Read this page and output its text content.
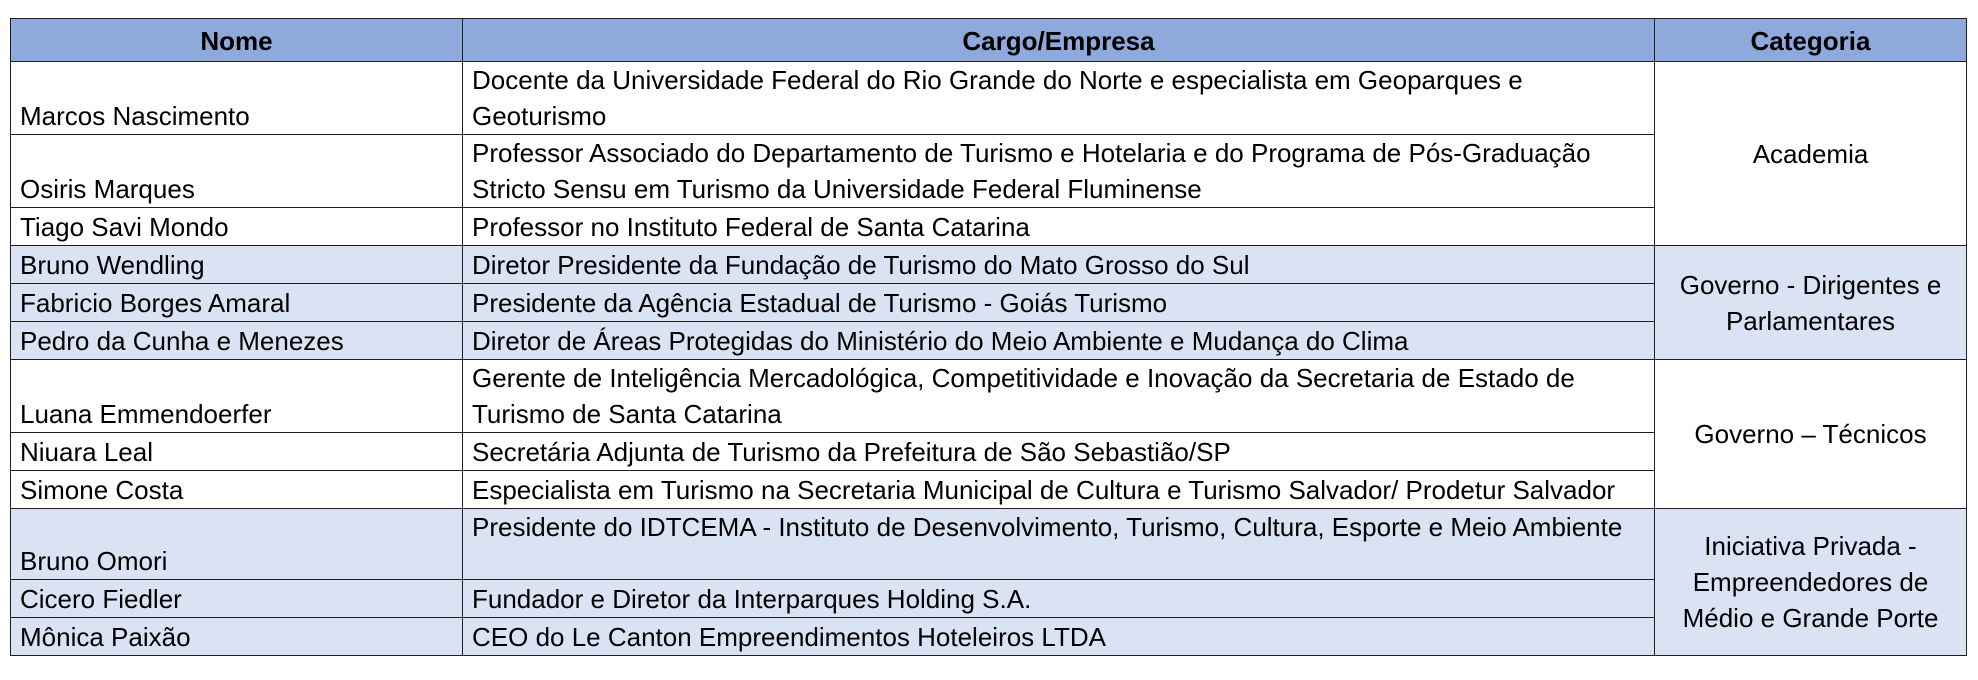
Nome	Cargo/Empresa	Categoria
Marcos Nascimento	Docente da Universidade Federal do Rio Grande do Norte e especialista em Geoparques e Geoturismo	Academia
Osiris Marques	Professor Associado do Departamento de Turismo e Hotelaria e do Programa de Pós-Graduação Stricto Sensu em Turismo da Universidade Federal Fluminense	
Tiago Savi Mondo	Professor no Instituto Federal de Santa Catarina	
Bruno Wendling	Diretor Presidente da Fundação de Turismo do Mato Grosso do Sul	Governo - Dirigentes e Parlamentares
Fabricio Borges Amaral	Presidente da Agência Estadual de Turismo - Goiás Turismo	
Pedro da Cunha e Menezes	Diretor de Áreas Protegidas do Ministério do Meio Ambiente e Mudança do Clima	
Luana Emmendoerfer	Gerente de Inteligência Mercadológica, Competitividade e Inovação da Secretaria de Estado de Turismo de Santa Catarina	Governo – Técnicos
Niuara Leal	Secretária Adjunta de Turismo da Prefeitura de São Sebastião/SP	
Simone Costa	Especialista em Turismo na Secretaria Municipal de Cultura e Turismo Salvador/ Prodetur Salvador	
Bruno Omori	Presidente do IDTCEMA - Instituto de Desenvolvimento, Turismo, Cultura, Esporte e Meio Ambiente	Iniciativa Privada - Empreendedores de Médio e Grande Porte
Cicero Fiedler	Fundador e Diretor da Interparques Holding S.A.	
Mônica Paixão	CEO do Le Canton Empreendimentos Hoteleiros LTDA	
